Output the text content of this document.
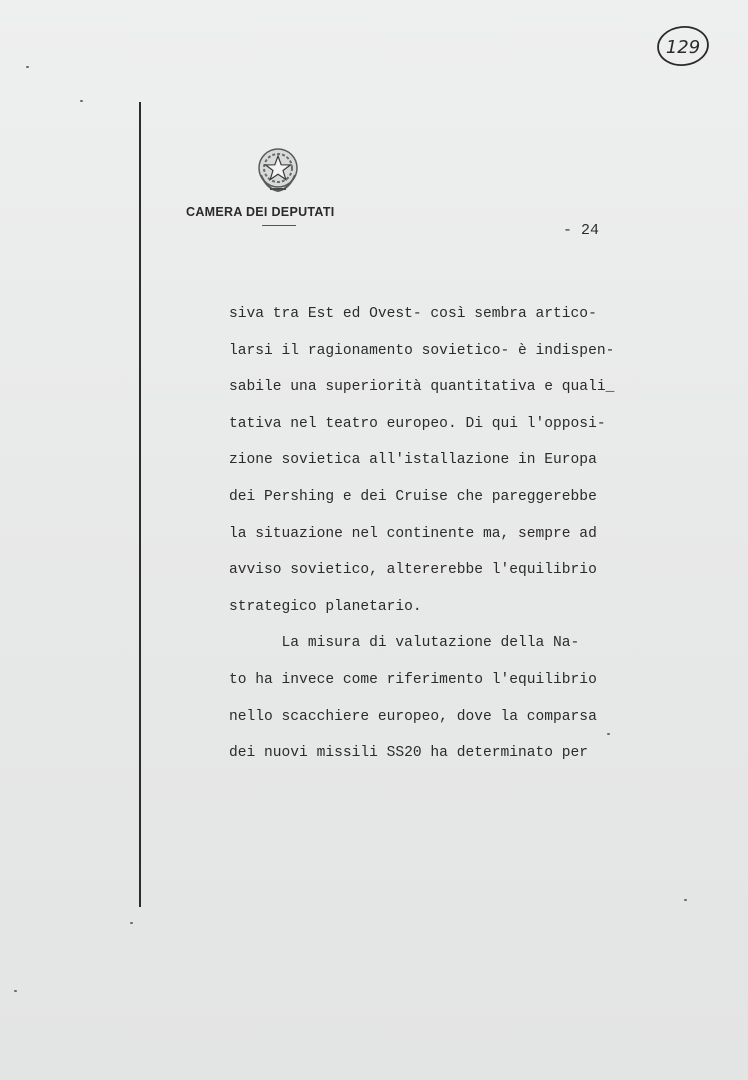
129
CAMERA DEI DEPUTATI
- 24
siva tra Est ed Ovest- così sembra artico-
larsi il ragionamento sovietico- è indispen-
sabile una superiorità quantitativa e quali_
tativa nel teatro europeo. Di qui l'opposi-
zione sovietica all'istallazione in Europa
dei Pershing e dei Cruise che pareggerebbe
la situazione nel continente ma, sempre ad
avviso sovietico, altererebbe l'equilibrio
strategico planetario.
La misura di valutazione della Na-
to ha invece come riferimento l'equilibrio
nello scacchiere europeo, dove la comparsa
dei nuovi missili SS20 ha determinato per
